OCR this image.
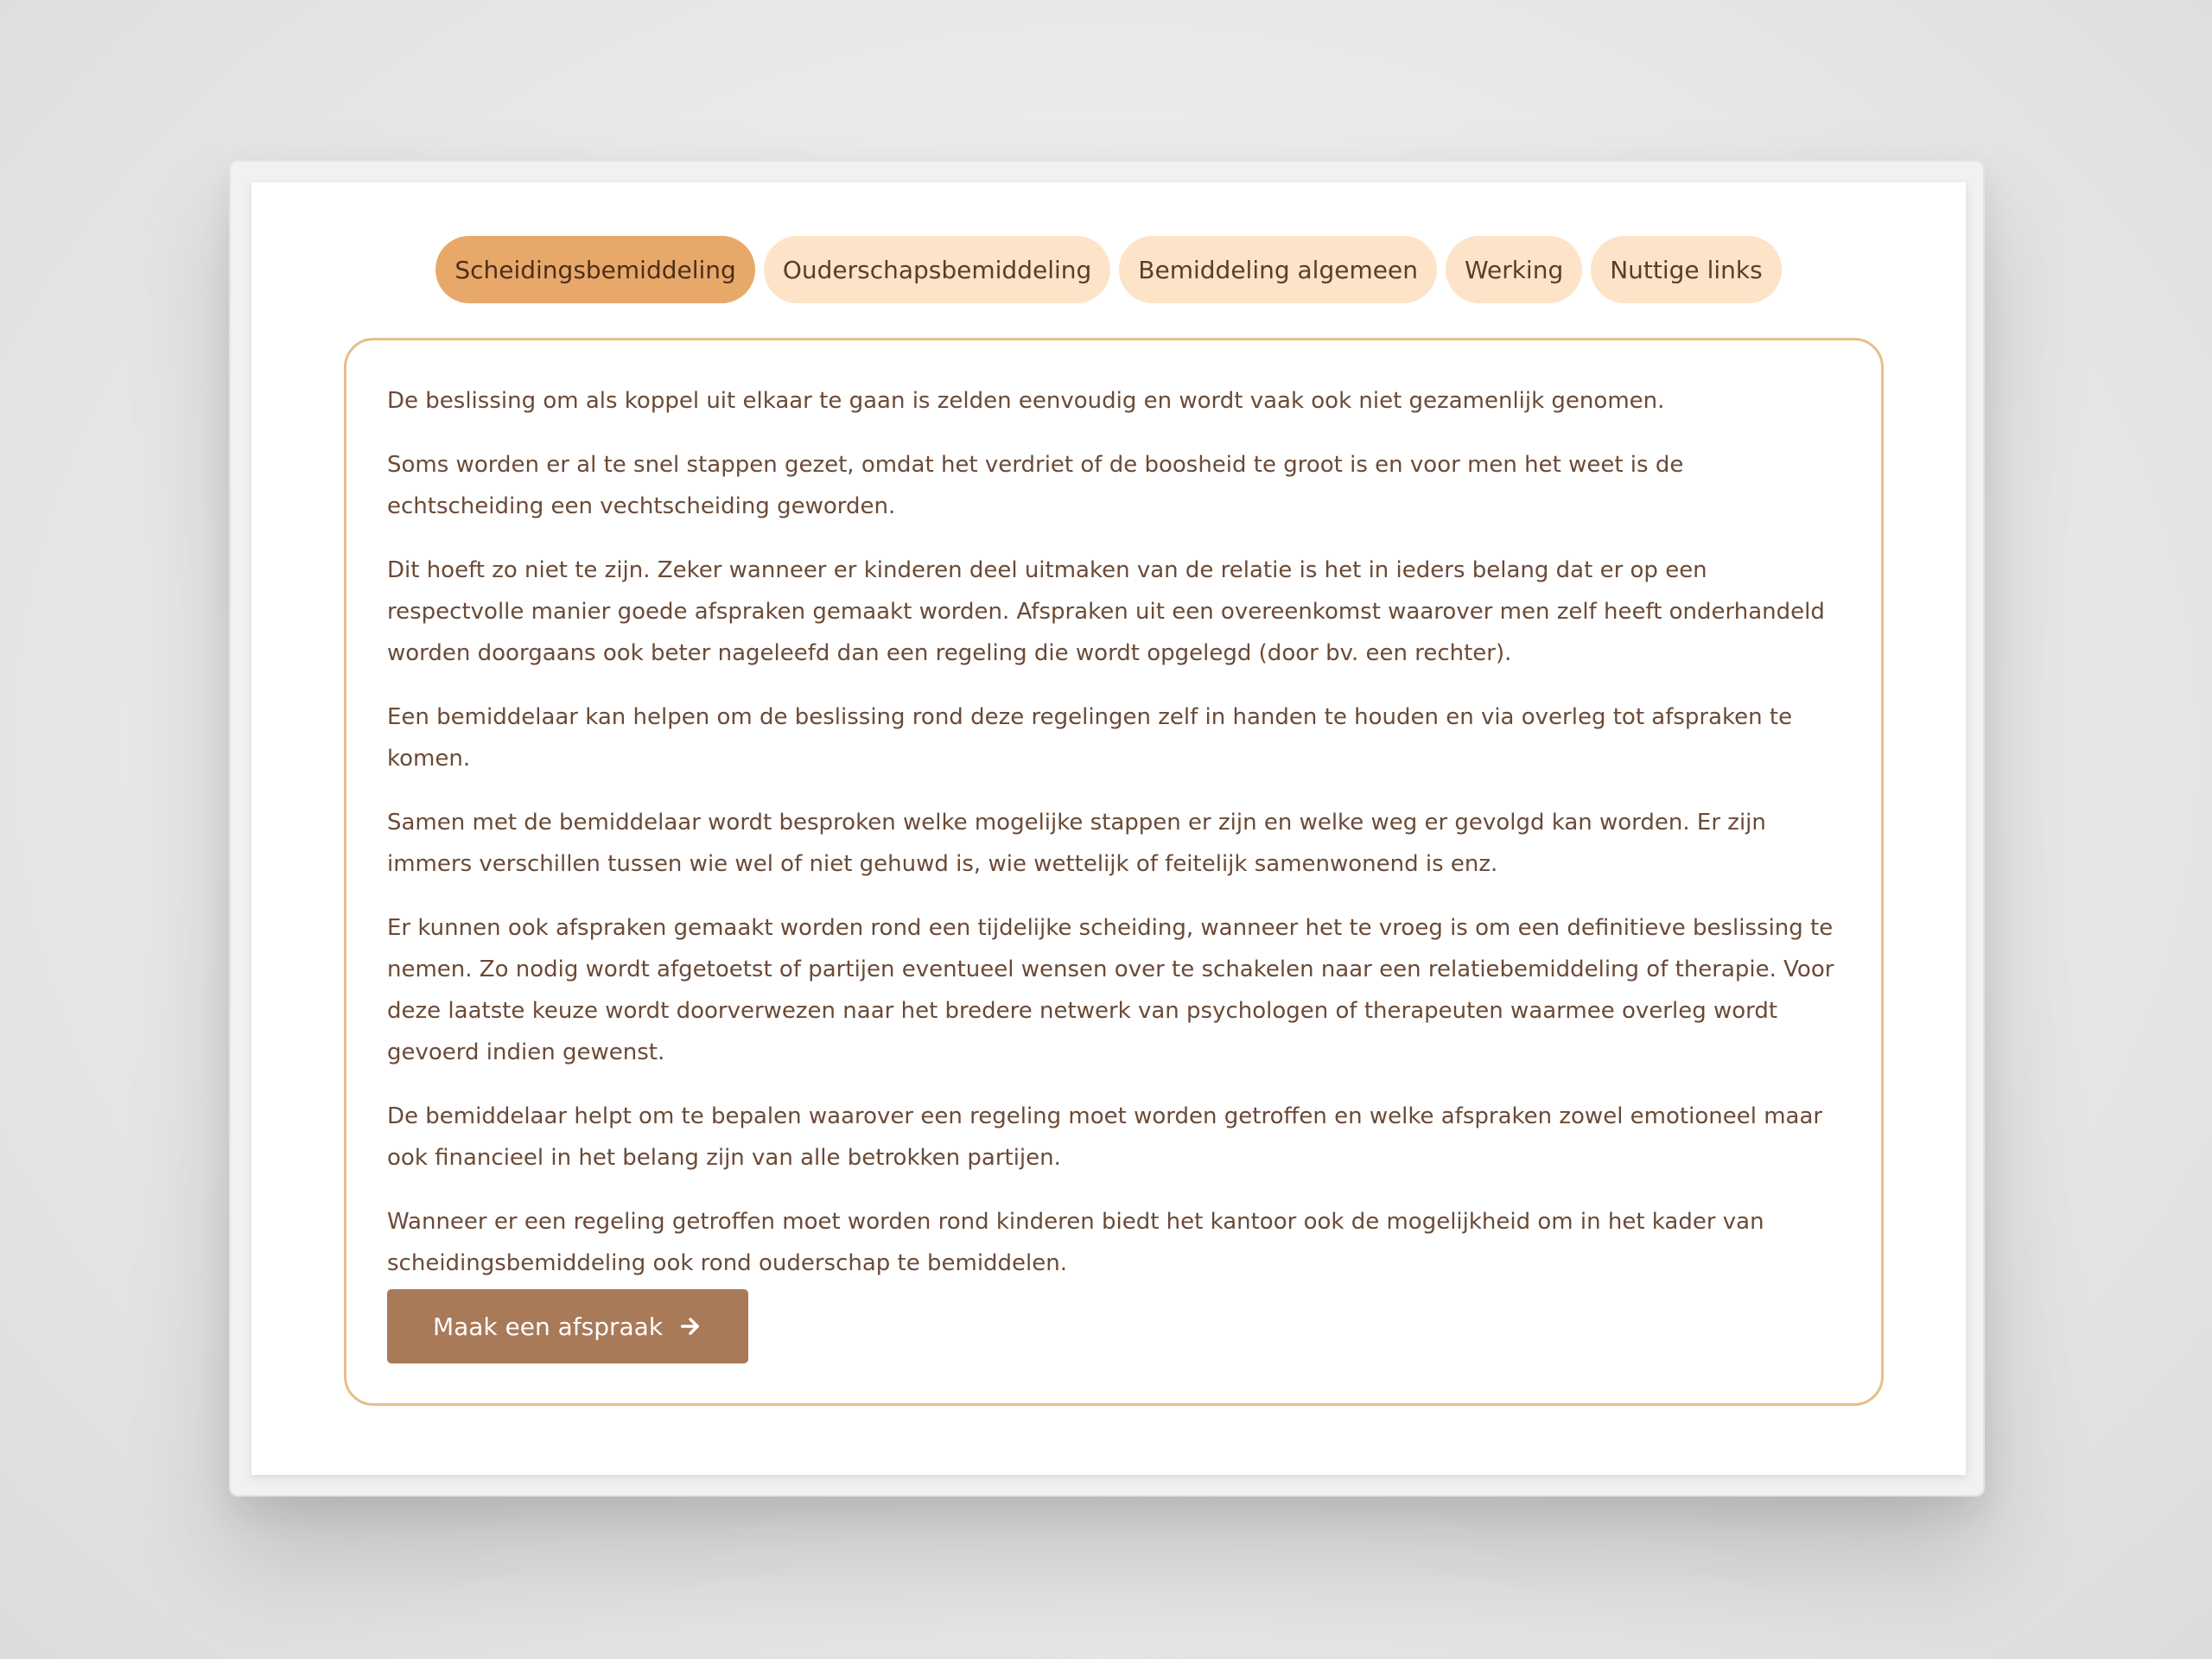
Scheidingsbemiddeling	Ouderschapsbemiddeling	Bemiddeling algemeen	Werking	Nuttige links

De beslissing om als koppel uit elkaar te gaan is zelden eenvoudig en wordt vaak ook niet gezamenlijk genomen.

Soms worden er al te snel stappen gezet, omdat het verdriet of de boosheid te groot is en voor men het weet is de echtscheiding een vechtscheiding geworden.

Dit hoeft zo niet te zijn. Zeker wanneer er kinderen deel uitmaken van de relatie is het in ieders belang dat er op een respectvolle manier goede afspraken gemaakt worden. Afspraken uit een overeenkomst waarover men zelf heeft onderhandeld worden doorgaans ook beter nageleefd dan een regeling die wordt opgelegd (door bv. een rechter).

Een bemiddelaar kan helpen om de beslissing rond deze regelingen zelf in handen te houden en via overleg tot afspraken te komen.

Samen met de bemiddelaar wordt besproken welke mogelijke stappen er zijn en welke weg er gevolgd kan worden. Er zijn immers verschillen tussen wie wel of niet gehuwd is, wie wettelijk of feitelijk samenwonend is enz.

Er kunnen ook afspraken gemaakt worden rond een tijdelijke scheiding, wanneer het te vroeg is om een definitieve beslissing te nemen. Zo nodig wordt afgetoetst of partijen eventueel wensen over te schakelen naar een relatiebemiddeling of therapie. Voor deze laatste keuze wordt doorverwezen naar het bredere netwerk van psychologen of therapeuten waarmee overleg wordt gevoerd indien gewenst.

De bemiddelaar helpt om te bepalen waarover een regeling moet worden getroffen en welke afspraken zowel emotioneel maar ook financieel in het belang zijn van alle betrokken partijen.

Wanneer er een regeling getroffen moet worden rond kinderen biedt het kantoor ook de mogelijkheid om in het kader van scheidingsbemiddeling ook rond ouderschap te bemiddelen.

Maak een afspraak
